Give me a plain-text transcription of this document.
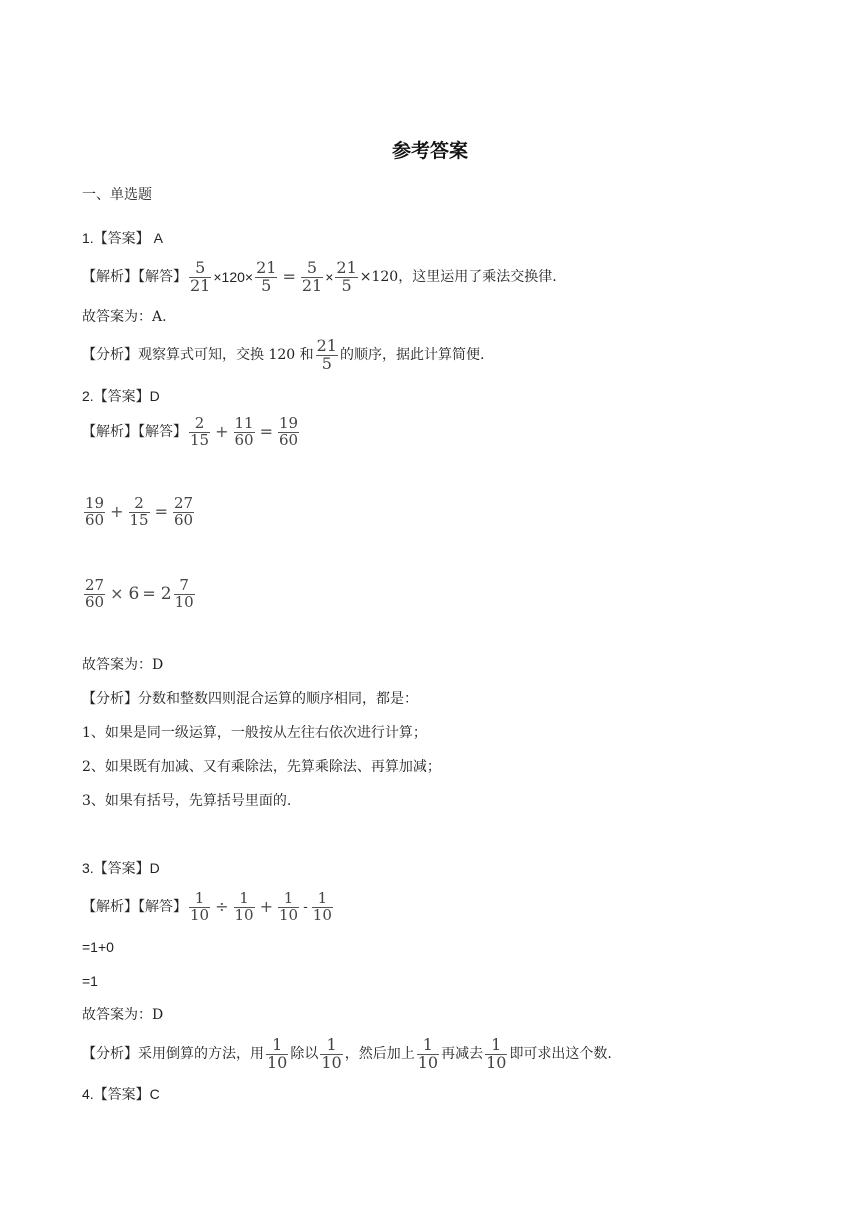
参考答案
一、单选题
1.【答案】 A
【解析】【解答】 $\frac{5}{21} \times 120\times \frac{21}{5} = \frac{5}{21} \times \frac{21}{5} \times 120$，这里运用了乘法交换律.
故答案为：A.
【分析】观察算式可知，交换 120 和 $\frac{21}{5}$ 的顺序，据此计算简便.
2.【答案】D
【解析】【解答】 $\frac{2}{15} + \frac{11}{60} = \frac{19}{60}$
$\frac{19}{60} + \frac{2}{15} = \frac{27}{60}$
$\frac{27}{60} \times 6 = 2 \frac{7}{10}$
故答案为：D
【分析】分数和整数四则混合运算的顺序相同，都是：
1、如果是同一级运算，一般按从左往右依次进行计算；
2、如果既有加减、又有乘除法，先算乘除法、再算加减；
3、如果有括号，先算括号里面的.
3.【答案】D
【解析】【解答】 $\frac{1}{10} \div \frac{1}{10} + \frac{1}{10} - \frac{1}{10}$
=1+0
=1
故答案为：D
【分析】采用倒算的方法，用 $\frac{1}{10}$ 除以 $\frac{1}{10}$ ，然后加上 $\frac{1}{10}$ 再减去 $\frac{1}{10}$ 即可求出这个数.
4.【答案】C
